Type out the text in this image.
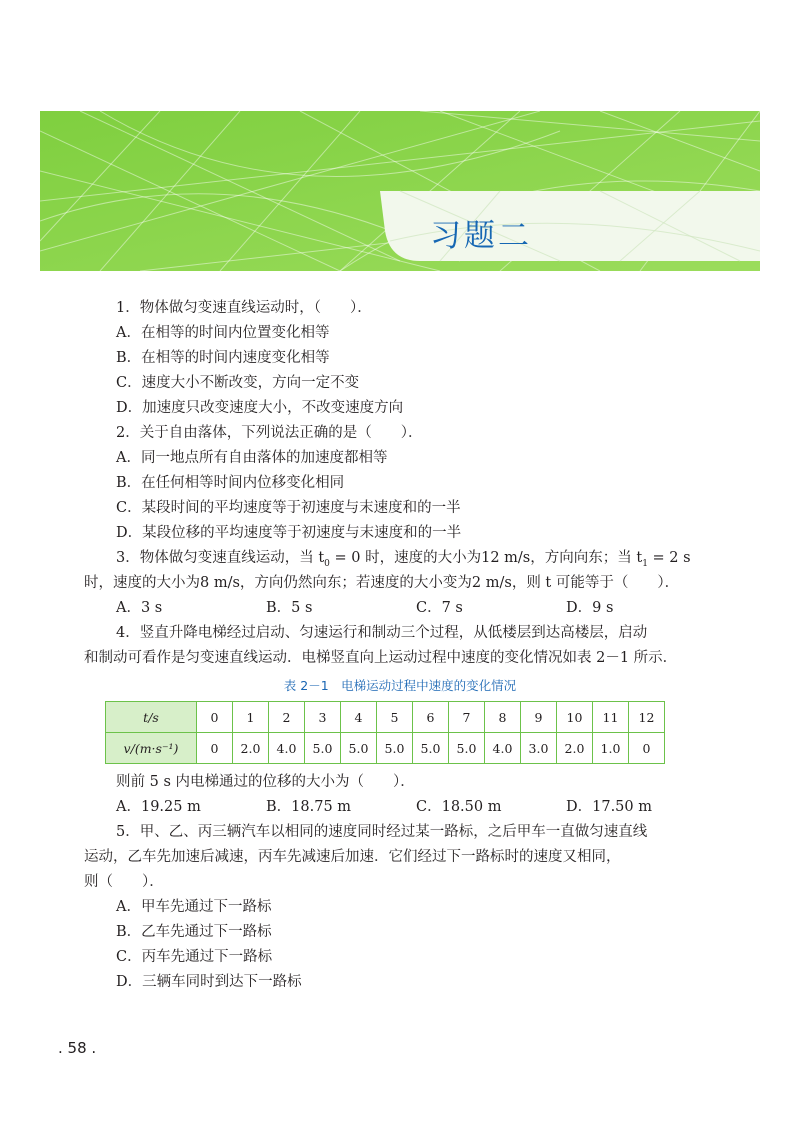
习题二
1．物体做匀变速直线运动时，（　　）．
A．在相等的时间内位置变化相等
B．在相等的时间内速度变化相等
C．速度大小不断改变，方向一定不变
D．加速度只改变速度大小，不改变速度方向
2．关于自由落体，下列说法正确的是（　　）．
A．同一地点所有自由落体的加速度都相等
B．在任何相等时间内位移变化相同
C．某段时间的平均速度等于初速度与末速度和的一半
D．某段位移的平均速度等于初速度与末速度和的一半
3．物体做匀变速直线运动，当 $t_0 = 0$ 时，速度的大小为12 m/s，方向向东；当 $t_1 = 2$ s
时，速度的大小为8 m/s，方向仍然向东；若速度的大小变为2 m/s，则 t 可能等于（　　）．
A．3 s	B．5 s	C．7 s	D．9 s
4．竖直升降电梯经过启动、匀速运行和制动三个过程，从低楼层到达高楼层，启动
和制动可看作是匀变速直线运动．电梯竖直向上运动过程中速度的变化情况如表 2－1 所示．
表 2－1　电梯运动过程中速度的变化情况
t/s	0	1	2	3	4	5	6	7	8	9	10	11	12
v/(m·s⁻¹)	0	2.0	4.0	5.0	5.0	5.0	5.0	5.0	4.0	3.0	2.0	1.0	0
则前 5 s 内电梯通过的位移的大小为（　　）．
A．19.25 m	B．18.75 m	C．18.50 m	D．17.50 m
5．甲、乙、丙三辆汽车以相同的速度同时经过某一路标，之后甲车一直做匀速直线
运动，乙车先加速后减速，丙车先减速后加速．它们经过下一路标时的速度又相同，
则（　　）．
A．甲车先通过下一路标
B．乙车先通过下一路标
C．丙车先通过下一路标
D．三辆车同时到达下一路标
. 58 .
